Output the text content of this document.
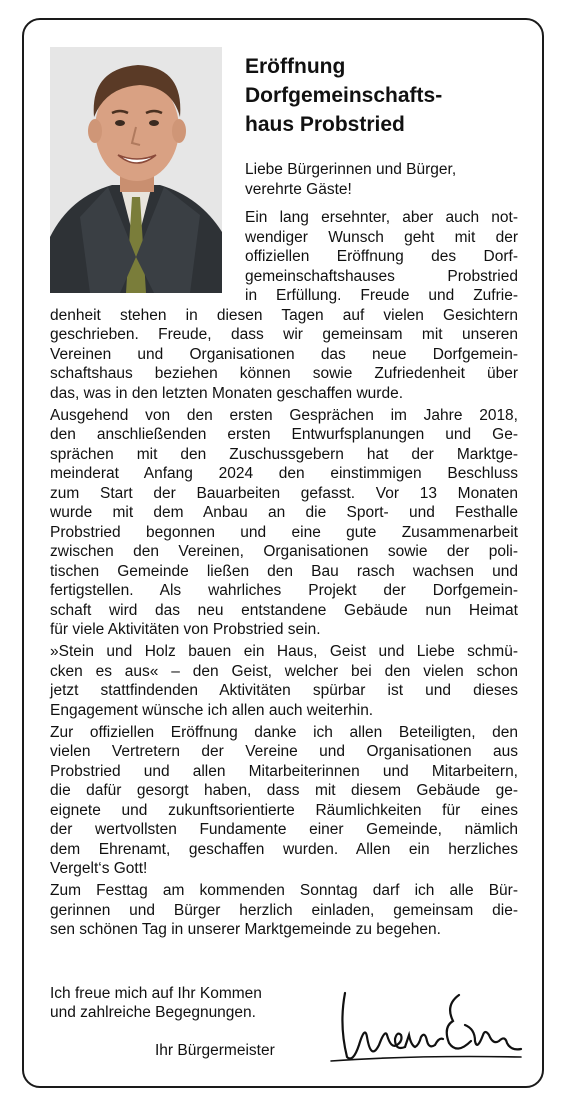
Eröffnung
Dorfgemeinschafts-
haus Probstried
Liebe Bürgerinnen und Bürger,
verehrte Gäste!
Ein lang ersehnter, aber auch not-
wendiger Wunsch geht mit der
offiziellen Eröffnung des Dorf-
gemeinschaftshauses Probstried
in Erfüllung. Freude und Zufrie-
denheit stehen in diesen Tagen auf vielen Gesichtern
geschrieben. Freude, dass wir gemeinsam mit unseren
Vereinen und Organisationen das neue Dorfgemein-
schaftshaus beziehen können sowie Zufriedenheit über
das, was in den letzten Monaten geschaffen wurde.
Ausgehend von den ersten Gesprächen im Jahre 2018,
den anschließenden ersten Entwurfsplanungen und Ge-
sprächen mit den Zuschussgebern hat der Marktge-
meinderat Anfang 2024 den einstimmigen Beschluss
zum Start der Bauarbeiten gefasst. Vor 13 Monaten
wurde mit dem Anbau an die Sport- und Festhalle
Probstried begonnen und eine gute Zusammenarbeit
zwischen den Vereinen, Organisationen sowie der poli-
tischen Gemeinde ließen den Bau rasch wachsen und
fertigstellen. Als wahrliches Projekt der Dorfgemein-
schaft wird das neu entstandene Gebäude nun Heimat
für viele Aktivitäten von Probstried sein.
»Stein und Holz bauen ein Haus, Geist und Liebe schmü-
cken es aus« – den Geist, welcher bei den vielen schon
jetzt stattfindenden Aktivitäten spürbar ist und dieses
Engagement wünsche ich allen auch weiterhin.
Zur offiziellen Eröffnung danke ich allen Beteiligten, den
vielen Vertretern der Vereine und Organisationen aus
Probstried und allen Mitarbeiterinnen und Mitarbeitern,
die dafür gesorgt haben, dass mit diesem Gebäude ge-
eignete und zukunftsorientierte Räumlichkeiten für eines
der wertvollsten Fundamente einer Gemeinde, nämlich
dem Ehrenamt, geschaffen wurden. Allen ein herzliches
Vergelt‘s Gott!
Zum Festtag am kommenden Sonntag darf ich alle Bür-
gerinnen und Bürger herzlich einladen, gemeinsam die-
sen schönen Tag in unserer Marktgemeinde zu begehen.
Ich freue mich auf Ihr Kommen
und zahlreiche Begegnungen.
Ihr Bürgermeister
